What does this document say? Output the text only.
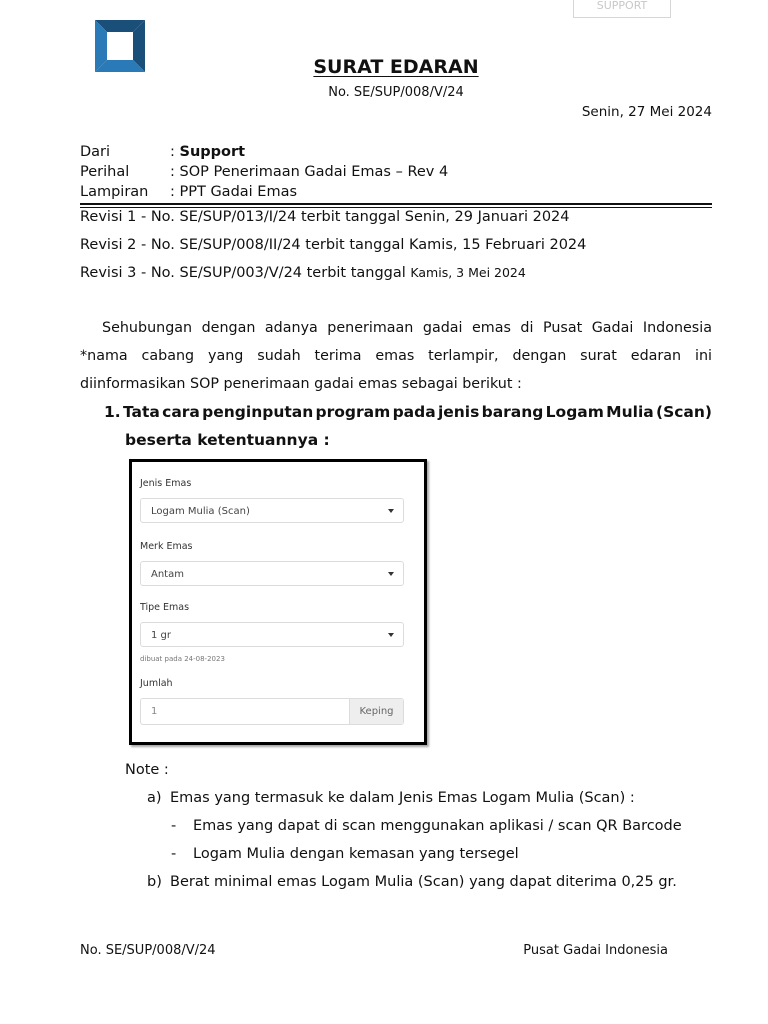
SUPPORT
SURAT EDARAN
No. SE/SUP/008/V/24
Senin, 27 Mei 2024
Dari	: Support
Perihal	: SOP Penerimaan Gadai Emas – Rev 4
Lampiran : PPT Gadai Emas
Revisi 1 - No. SE/SUP/013/I/24 terbit tanggal Senin, 29 Januari 2024
Revisi 2 - No. SE/SUP/008/II/24 terbit tanggal Kamis, 15 Februari 2024
Revisi 3 - No. SE/SUP/003/V/24 terbit tanggal Kamis, 3 Mei 2024
Sehubungan dengan adanya penerimaan gadai emas di Pusat Gadai Indonesia *nama cabang yang sudah terima emas terlampir, dengan surat edaran ini diinformasikan SOP penerimaan gadai emas sebagai berikut :
1. Tata cara penginputan program pada jenis barang Logam Mulia (Scan)
beserta ketentuannya :
Jenis Emas
Logam Mulia (Scan)
Merk Emas
Antam
Tipe Emas
1 gr
dibuat pada 24-08-2023
Jumlah
1	Keping
Note :
a) Emas yang termasuk ke dalam Jenis Emas Logam Mulia (Scan) :
- Emas yang dapat di scan menggunakan aplikasi / scan QR Barcode
- Logam Mulia dengan kemasan yang tersegel
b) Berat minimal emas Logam Mulia (Scan) yang dapat diterima 0,25 gr.
No. SE/SUP/008/V/24	Pusat Gadai Indonesia
